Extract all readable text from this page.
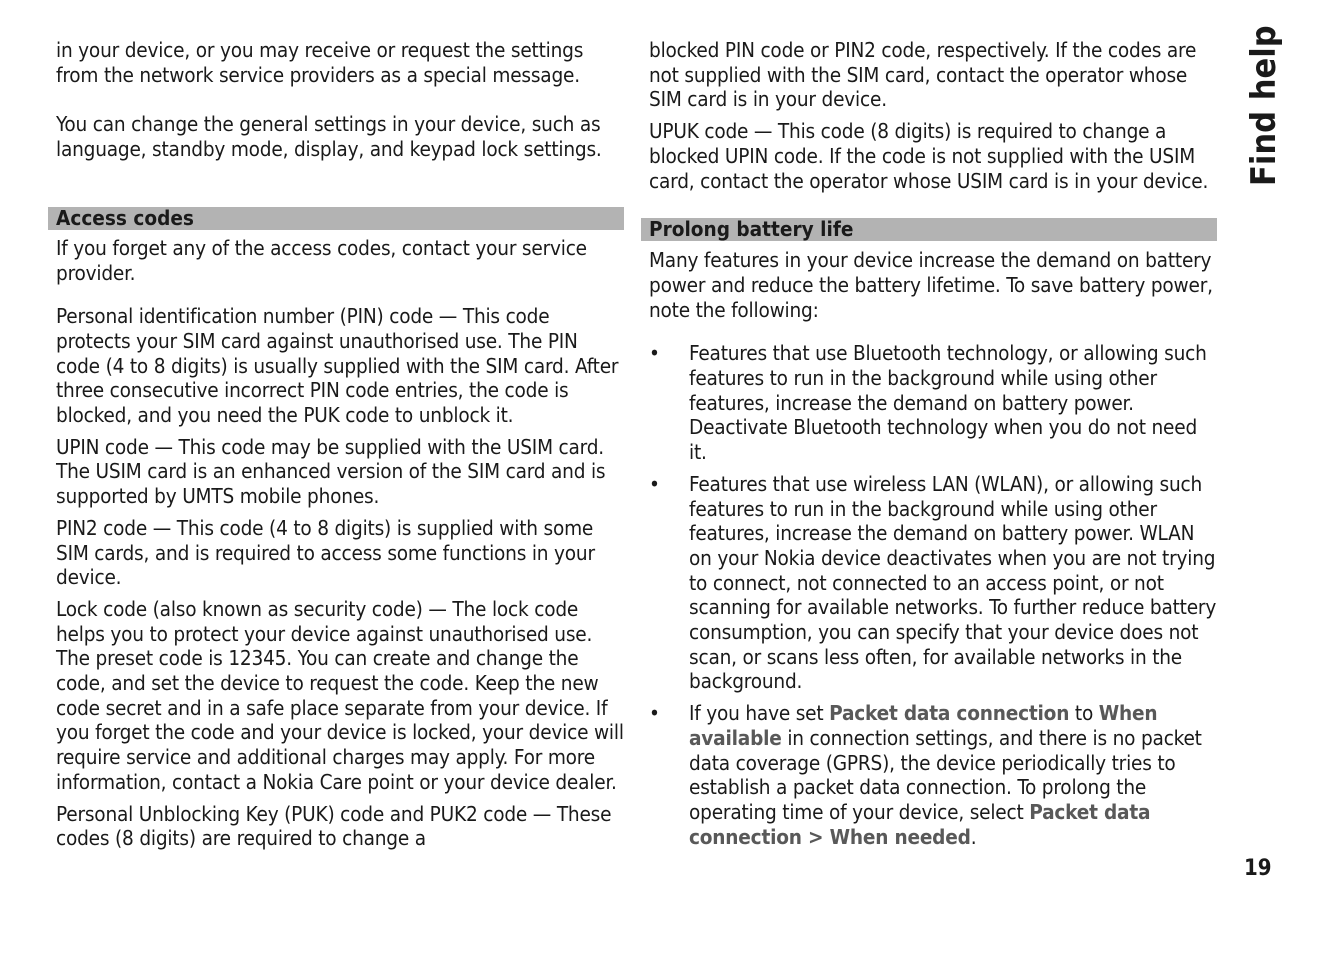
in your device, or you may receive or request the settings from the network service providers as a special message.

You can change the general settings in your device, such as language, standby mode, display, and keypad lock settings.

Access codes

If you forget any of the access codes, contact your service provider.

Personal identification number (PIN) code — This code protects your SIM card against unauthorised use. The PIN code (4 to 8 digits) is usually supplied with the SIM card. After three consecutive incorrect PIN code entries, the code is blocked, and you need the PUK code to unblock it.

UPIN code — This code may be supplied with the USIM card. The USIM card is an enhanced version of the SIM card and is supported by UMTS mobile phones.

PIN2 code — This code (4 to 8 digits) is supplied with some SIM cards, and is required to access some functions in your device.

Lock code (also known as security code) — The lock code helps you to protect your device against unauthorised use. The preset code is 12345. You can create and change the code, and set the device to request the code. Keep the new code secret and in a safe place separate from your device. If you forget the code and your device is locked, your device will require service and additional charges may apply. For more information, contact a Nokia Care point or your device dealer.

Personal Unblocking Key (PUK) code and PUK2 code — These codes (8 digits) are required to change a

blocked PIN code or PIN2 code, respectively. If the codes are not supplied with the SIM card, contact the operator whose SIM card is in your device.

UPUK code — This code (8 digits) is required to change a blocked UPIN code. If the code is not supplied with the USIM card, contact the operator whose USIM card is in your device.

Prolong battery life

Many features in your device increase the demand on battery power and reduce the battery lifetime. To save battery power, note the following:

• Features that use Bluetooth technology, or allowing such features to run in the background while using other features, increase the demand on battery power. Deactivate Bluetooth technology when you do not need it.
• Features that use wireless LAN (WLAN), or allowing such features to run in the background while using other features, increase the demand on battery power. WLAN on your Nokia device deactivates when you are not trying to connect, not connected to an access point, or not scanning for available networks. To further reduce battery consumption, you can specify that your device does not scan, or scans less often, for available networks in the background.
• If you have set Packet data connection to When available in connection settings, and there is no packet data coverage (GPRS), the device periodically tries to establish a packet data connection. To prolong the operating time of your device, select Packet data connection > When needed.
Find help
19
